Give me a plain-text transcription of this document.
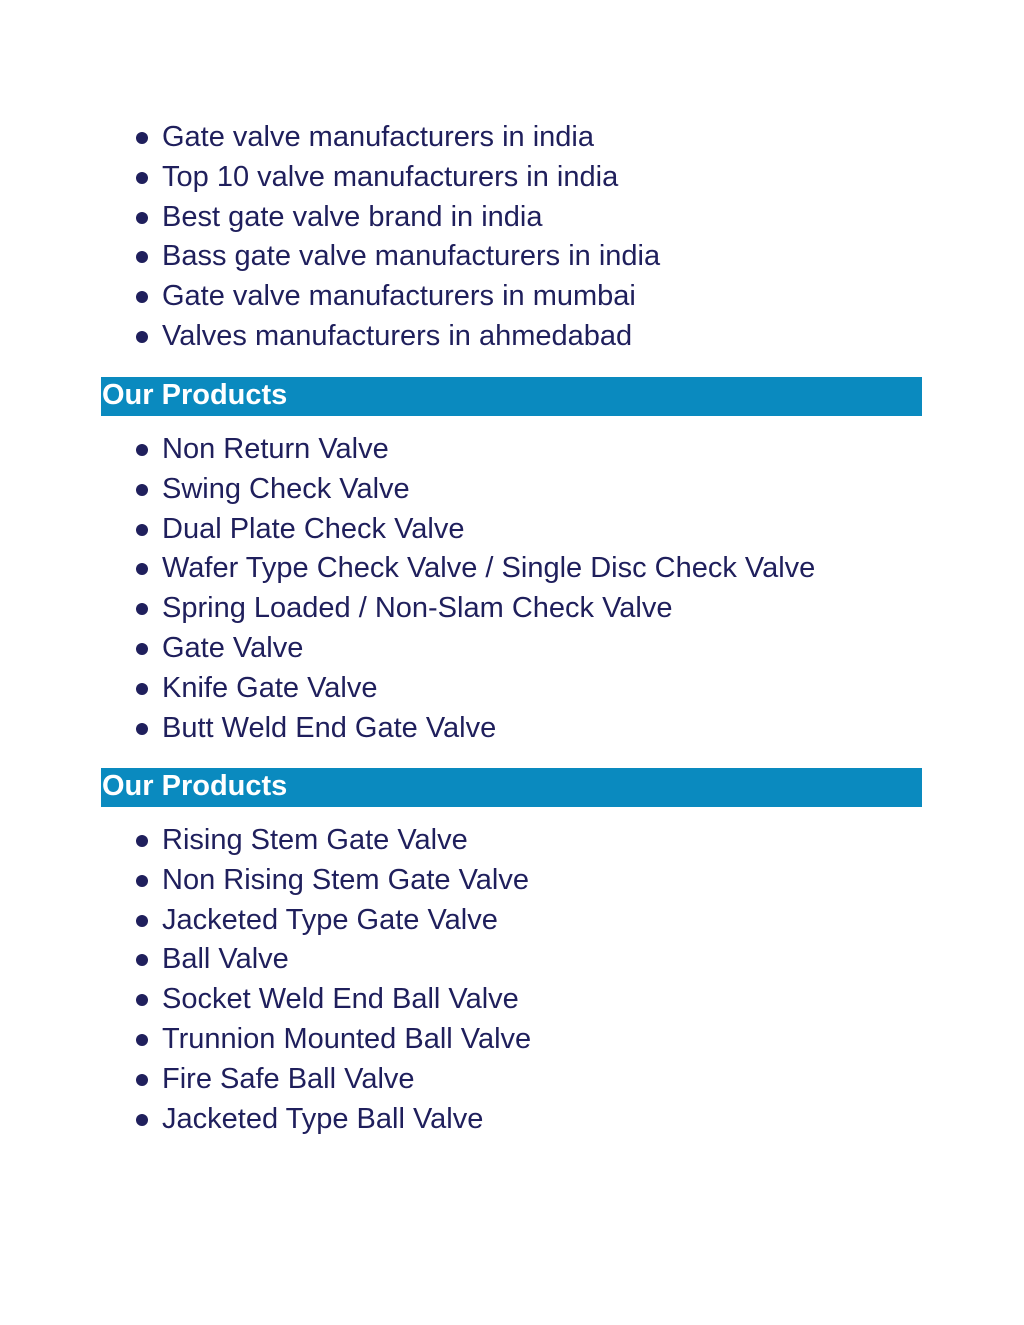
Gate valve manufacturers in india
Top 10 valve manufacturers in india
Best gate valve brand in india
Bass gate valve manufacturers in india
Gate valve manufacturers in mumbai
Valves manufacturers in ahmedabad
Our Products
Non Return Valve
Swing Check Valve
Dual Plate Check Valve
Wafer Type Check Valve / Single Disc Check Valve
Spring Loaded / Non-Slam Check Valve
Gate Valve
Knife Gate Valve
Butt Weld End Gate Valve
Our Products
Rising Stem Gate Valve
Non Rising Stem Gate Valve
Jacketed Type Gate Valve
Ball Valve
Socket Weld End Ball Valve
Trunnion Mounted Ball Valve
Fire Safe Ball Valve
Jacketed Type Ball Valve
